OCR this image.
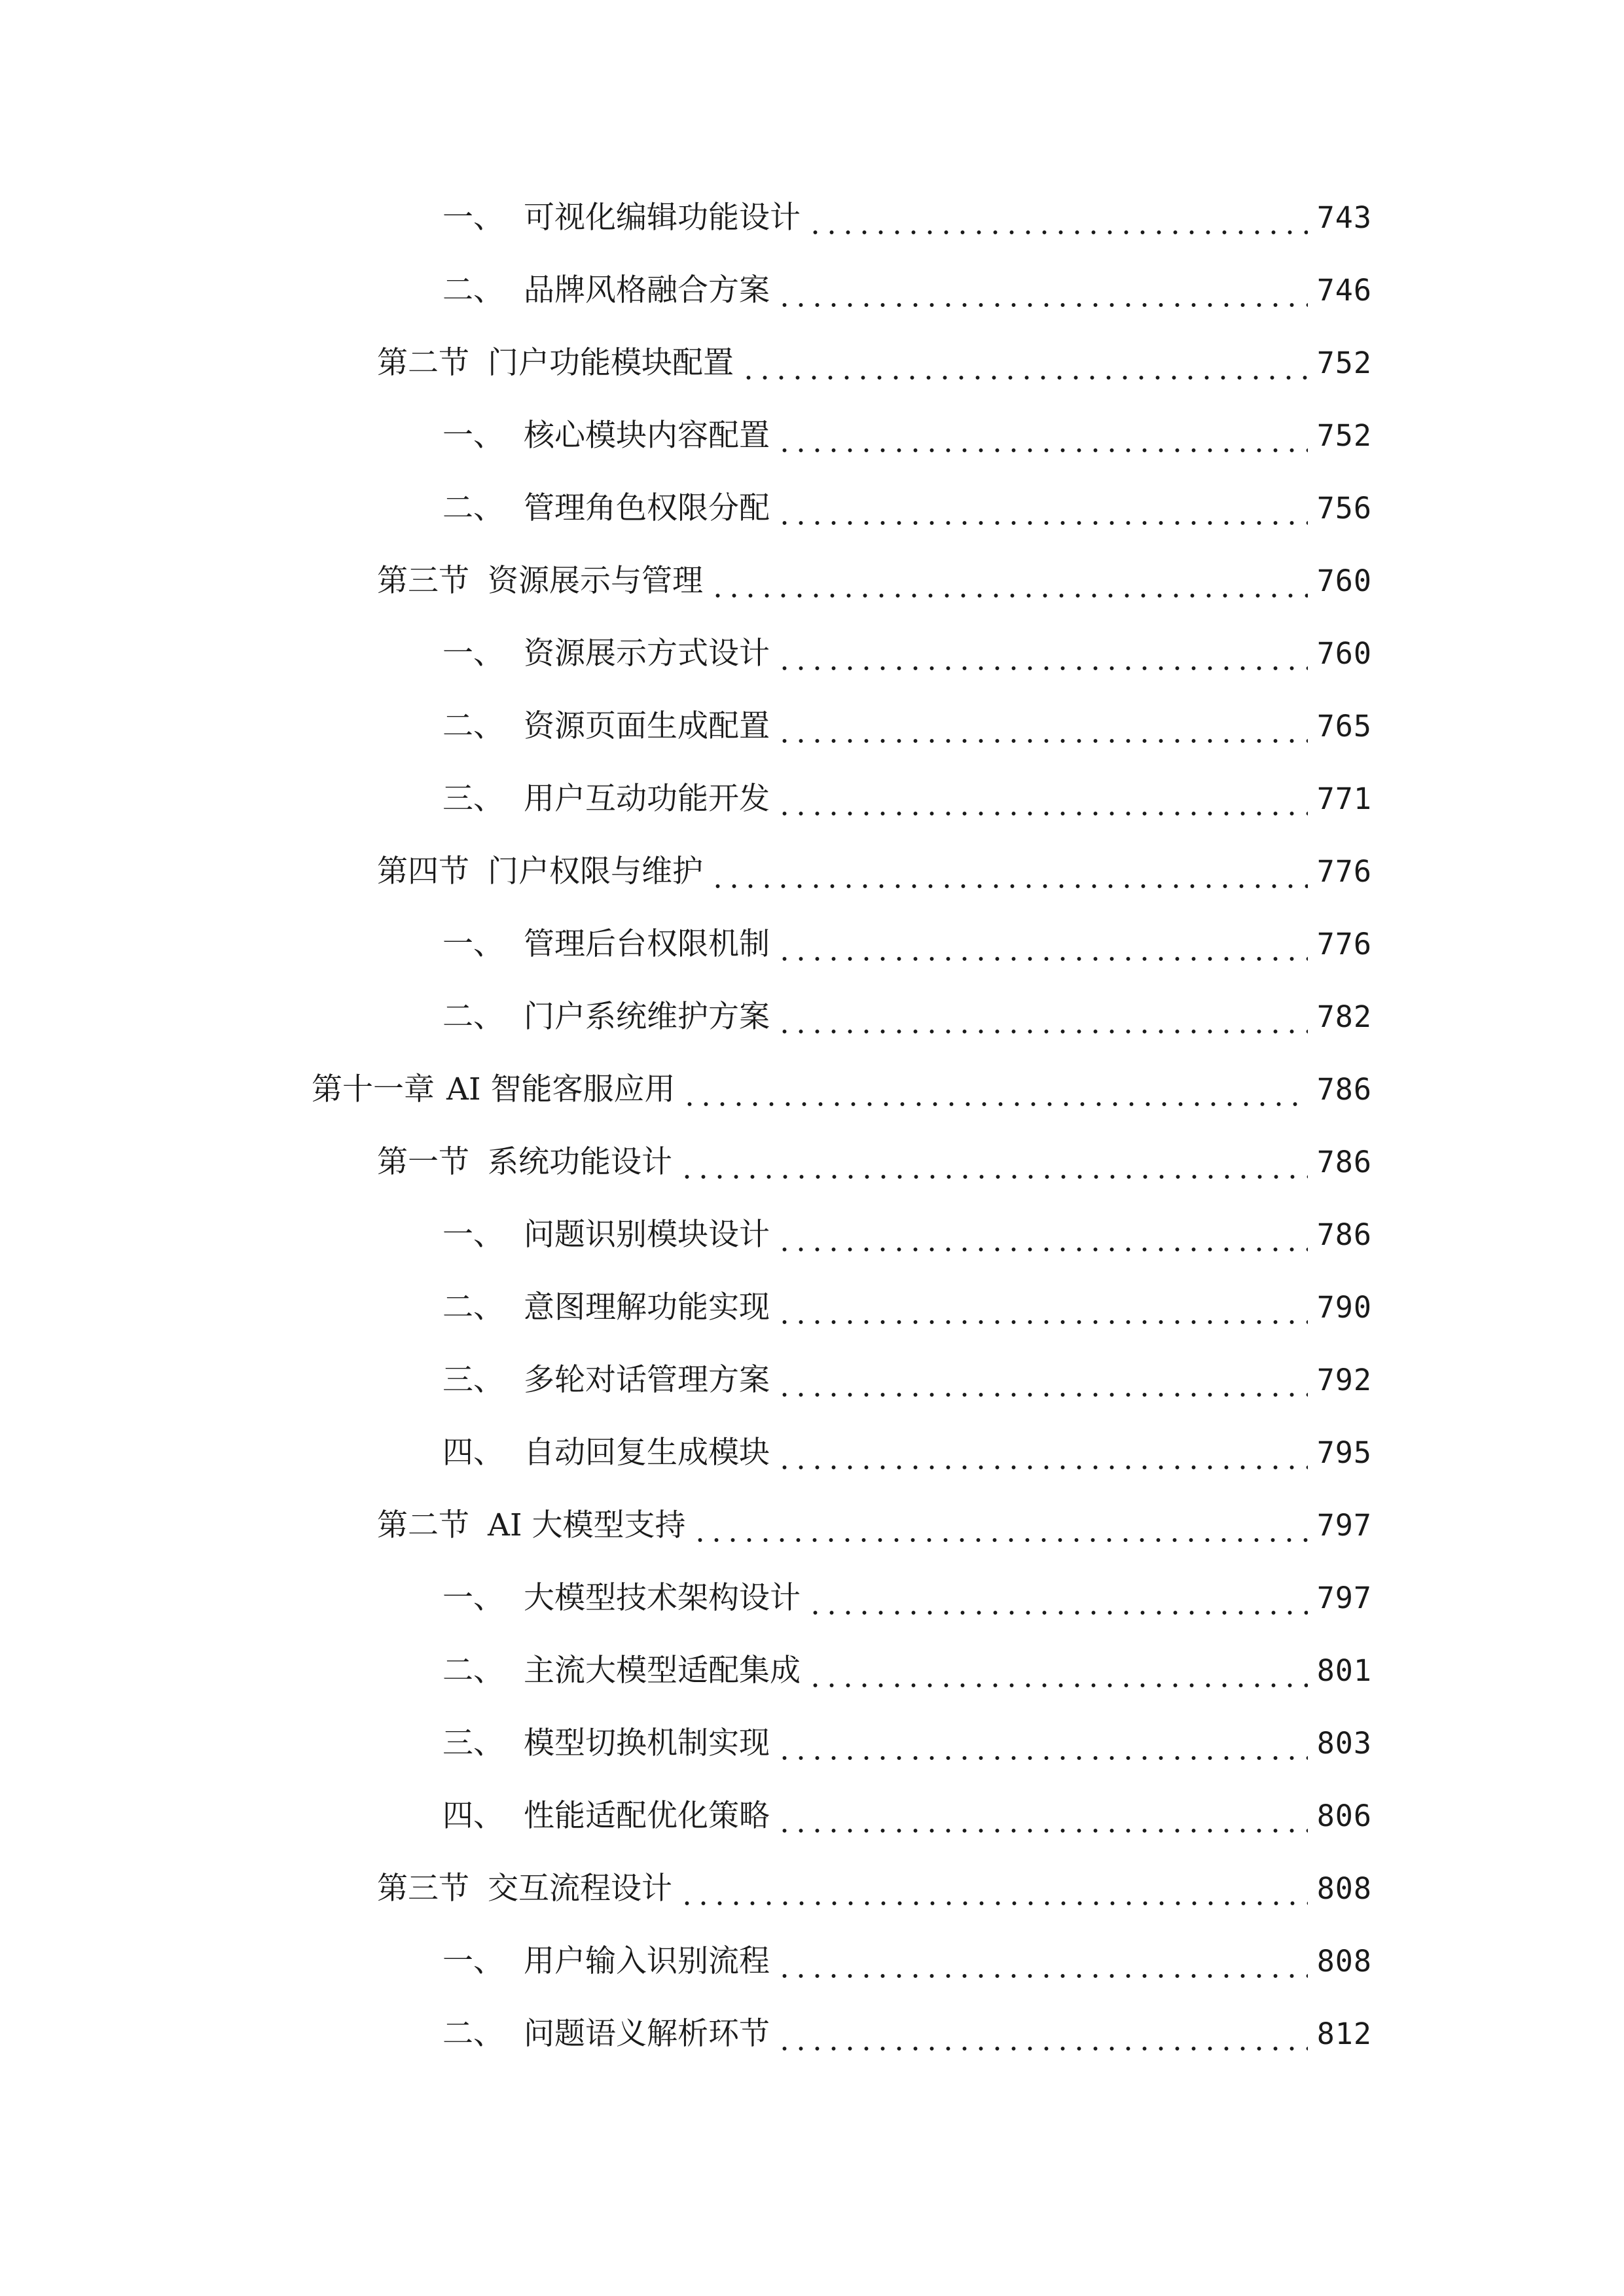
一、 可视化编辑功能设计	743
二、 品牌风格融合方案	746
第二节 门户功能模块配置	752
一、 核心模块内容配置	752
二、 管理角色权限分配	756
第三节 资源展示与管理	760
一、 资源展示方式设计	760
二、 资源页面生成配置	765
三、 用户互动功能开发	771
第四节 门户权限与维护	776
一、 管理后台权限机制	776
二、 门户系统维护方案	782
第十一章 AI 智能客服应用	786
第一节 系统功能设计	786
一、 问题识别模块设计	786
二、 意图理解功能实现	790
三、 多轮对话管理方案	792
四、 自动回复生成模块	795
第二节 AI 大模型支持	797
一、 大模型技术架构设计	797
二、 主流大模型适配集成	801
三、 模型切换机制实现	803
四、 性能适配优化策略	806
第三节 交互流程设计	808
一、 用户输入识别流程	808
二、 问题语义解析环节	812
